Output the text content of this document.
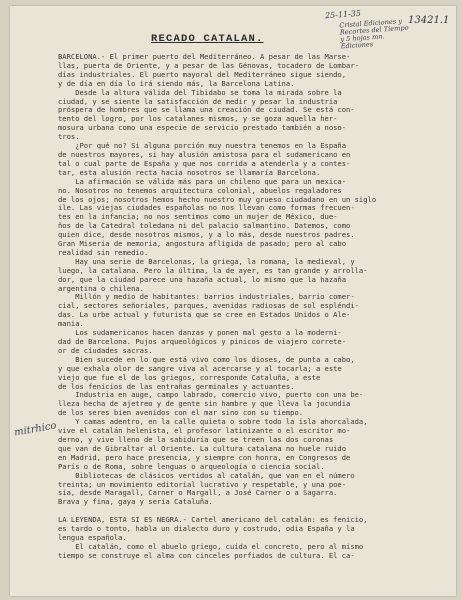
25-11-35
Cristal Ediciones y Recortes del Tiempo y 5 hojas mn. Ediciones
13421.1
RECADO CATALAN.
mitrhico
BARCELONA.- El primer puerto del Mediterráneo. A pesar de las Marse-
llas, puerta de Oriente, y a pesar de las Génovas, tocadero de Lombar-
días industriales. El puerto mayoral del Mediterráneo sigue siendo,
y de día en día lo irá siendo más, la Barcelona Latina.
Desde la altura válida del Tibidabo se toma la mirada sobre la
ciudad, y se siente la satisfacción de medir y pesar la industria
próspera de hombres que se llama una creación de ciudad. Se está con-
tento del logro, por los catalanes mismos, y se goza aquella her-
mosura urbana como una especie de servicio prestado también a noso-
tros.
¿Por qué no? Si alguna porción muy nuestra tenemos en la España
de nuestros mayores, si hay alusión amistosa para el sudamericano en
tal o cual parte de España y que nos corrida a atenderla y a contes-
tar, esta alusión recta hacia nosotros se llamaría Barcelona.
La afirmación se válida más para un chileno que para un mexica-
no. Nosotros no tenemos arquitectura colonial, abuelos regaladores
de los ojos; nosotros hemos hecho nuestro muy grueso ciudadano en un siglo
ile. Las viejas ciudades españolas no nos llevan como formas frecuen-
tes en la infancia; no nos sentimos como un mujer de México, due-
ños de la Catedral toledana ni del palacio salmantino. Datemos, como
quien dice, desde nosotros mismos, y a lo más, desde nuestros padres.
Gran Miseria de memoria, angostura afligida de pasado; pero al cabo
realidad sin remedio.
Hay una serie de Barcelonas, la griega, la romana, la medieval, y
luego, la catalana. Pero la última, la de ayer, es tan grande y arrolla-
dor, que la ciudad parece una hazaña actual, lo mismo que la hazaña
argentina o chilena.
Millón y medio de habitantes: barrios industriales, barrio comer-
cial, sectores señoriales, parques, avenidas radiosas de sol espléndi-
das. La urbe actual y futurista que se cree en Estados Unidos o Ale-
mania.
Los sudamericanos hacen danzas y ponen mal gesto a la moderni-
dad de Barcelona. Pujos arqueológicos y pinicos de viajero correte-
or de ciudades sacras.
Bien sucede en lo que está vivo como los dioses, de punta a cabo,
y que exhala olor de sangre viva al acercarse y al tocarla; a este
viejo que fue el de los griegos, corresponde Cataluña, a este
de los fenicios de las entrañas germinales y actuantes.
Industria en auge, campo labrado, comercio vivo, puerto con una be-
lleza hecha de ajetreo y de gente sin hambre y que lleva la jocundia
de los seres bien avenidos con el mar sino con su tiempo.
Y camas adentro, en la calle quieta o sobre todo la isla ahorcalada,
vive el catalán helenista, el profesor latinizante o el escritor mo-
derno, y vive lleno de la sabiduría que se treen las dos coronas
que van de Gibraltar al Oriente. La cultura catalana no huele ruido
en Madrid, pero hace presencia, y siempre con honra, en Congresos de
París o de Roma, sobre lenguas o arqueología o ciencia social.
Bibliotecas de clásicos vertidos al catalán, que van en el número
treinta; un movimiento editorial lucrativo y respetable, y una poe-
sía, desde Maragall, Carner o Margall, a José Carner o a Sagarra.
Brava y fina, gaya y seria Cataluña.

LA LEYENDA, ESTA SI ES NEGRA.- Cartel americano del catalán: es fenicio,
es tardo o tonto, habla un dialecto duro y costrudo, odia España y la
lengua española.
El catalán, como el abuelo griego, cuida el concreto, pero al mismo
tiempo se construye el alma con cinceles porfiados de cultura. El ca-
